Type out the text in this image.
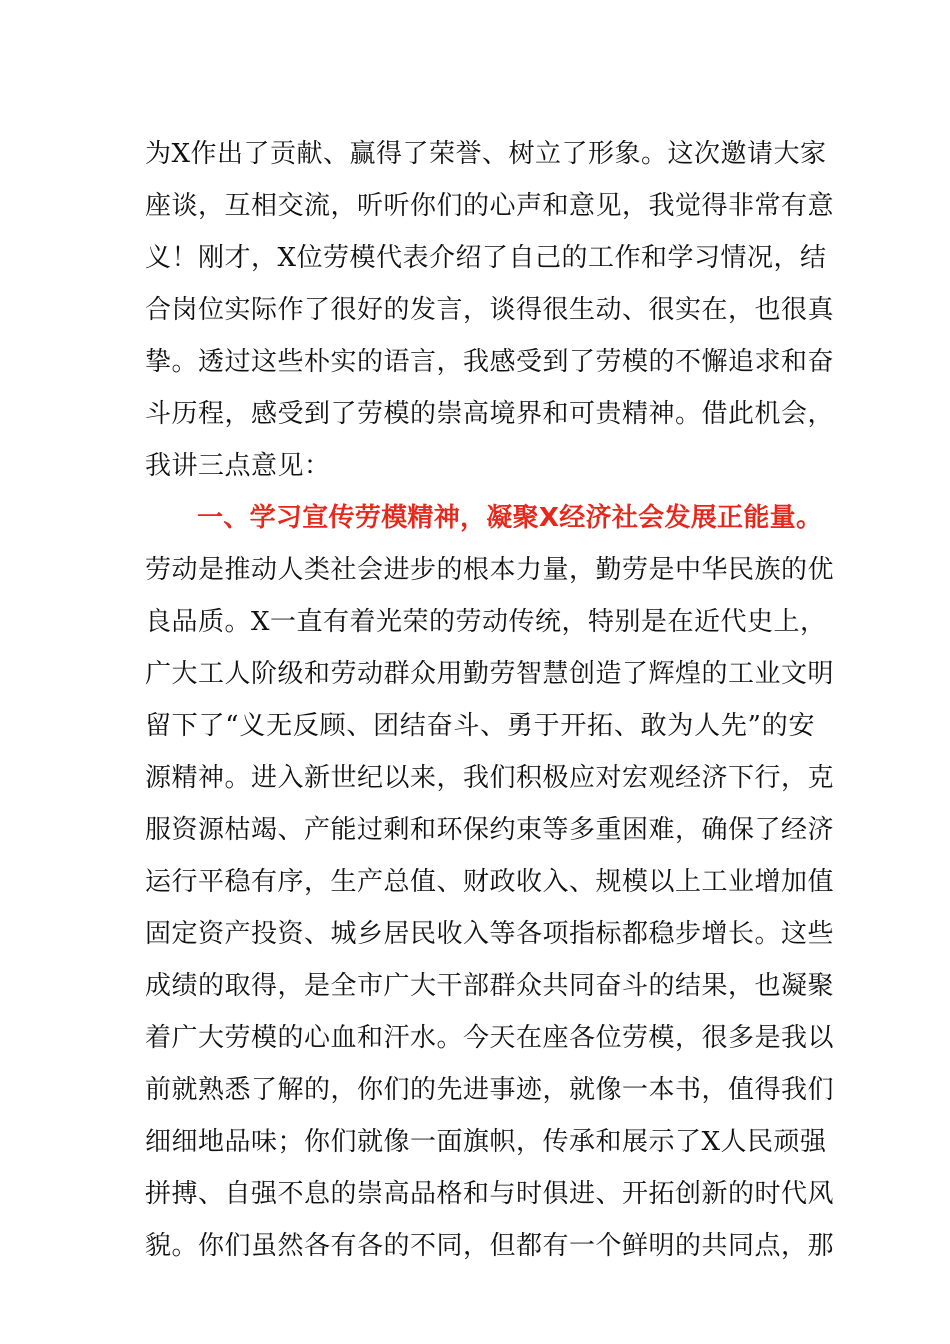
为X作出了贡献、赢得了荣誉、树立了形象。这次邀请大家
座谈，互相交流，听听你们的心声和意见，我觉得非常有意
义！刚才，X位劳模代表介绍了自己的工作和学习情况，结
合岗位实际作了很好的发言，谈得很生动、很实在，也很真
挚。透过这些朴实的语言，我感受到了劳模的不懈追求和奋
斗历程，感受到了劳模的崇高境界和可贵精神。借此机会，
我讲三点意见：
一、学习宣传劳模精神，凝聚X经济社会发展正能量。
劳动是推动人类社会进步的根本力量，勤劳是中华民族的优
良品质。X一直有着光荣的劳动传统，特别是在近代史上，
广大工人阶级和劳动群众用勤劳智慧创造了辉煌的工业文明
留下了“义无反顾、团结奋斗、勇于开拓、敢为人先”的安
源精神。进入新世纪以来，我们积极应对宏观经济下行，克
服资源枯竭、产能过剩和环保约束等多重困难，确保了经济
运行平稳有序，生产总值、财政收入、规模以上工业增加值
固定资产投资、城乡居民收入等各项指标都稳步增长。这些
成绩的取得，是全市广大干部群众共同奋斗的结果，也凝聚
着广大劳模的心血和汗水。今天在座各位劳模，很多是我以
前就熟悉了解的，你们的先进事迹，就像一本书，值得我们
细细地品味；你们就像一面旗帜，传承和展示了X人民顽强
拼搏、自强不息的崇高品格和与时俱进、开拓创新的时代风
貌。你们虽然各有各的不同，但都有一个鲜明的共同点，那
